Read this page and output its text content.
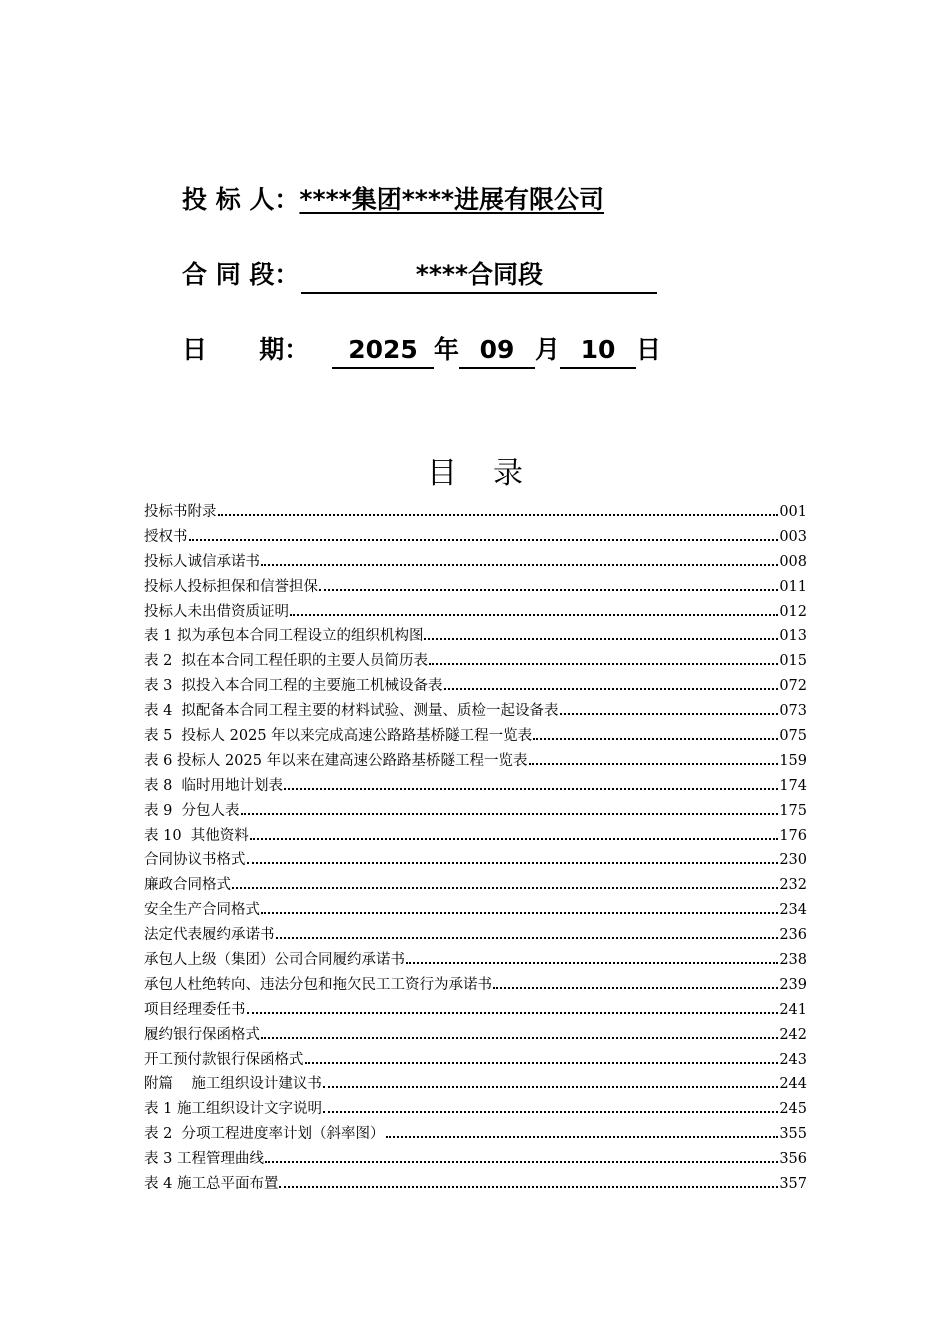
投 标 人：****集团****进展有限公司
合 同 段：	****合同段
日      期： 2025 年 09 月 10 日
目录
投标书附录	001
授权书	003
投标人诚信承诺书	008
投标人投标担保和信誉担保	011
投标人未出借资质证明	012
表 1 拟为承包本合同工程设立的组织机构图	013
表 2  拟在本合同工程任职的主要人员简历表	015
表 3  拟投入本合同工程的主要施工机械设备表	072
表 4  拟配备本合同工程主要的材料试验、测量、质检一起设备表	073
表 5  投标人 2025 年以来完成高速公路路基桥隧工程一览表	075
表 6 投标人 2025 年以来在建高速公路路基桥隧工程一览表	159
表 8  临时用地计划表	174
表 9  分包人表	175
表 10  其他资料	176
合同协议书格式	230
廉政合同格式	232
安全生产合同格式	234
法定代表履约承诺书	236
承包人上级（集团）公司合同履约承诺书	238
承包人杜绝转向、违法分包和拖欠民工工资行为承诺书	239
项目经理委任书	241
履约银行保函格式	242
开工预付款银行保函格式	243
附篇    施工组织设计建议书	244
表 1 施工组织设计文字说明	245
表 2  分项工程进度率计划（斜率图）	355
表 3 工程管理曲线	356
表 4 施工总平面布置	357
